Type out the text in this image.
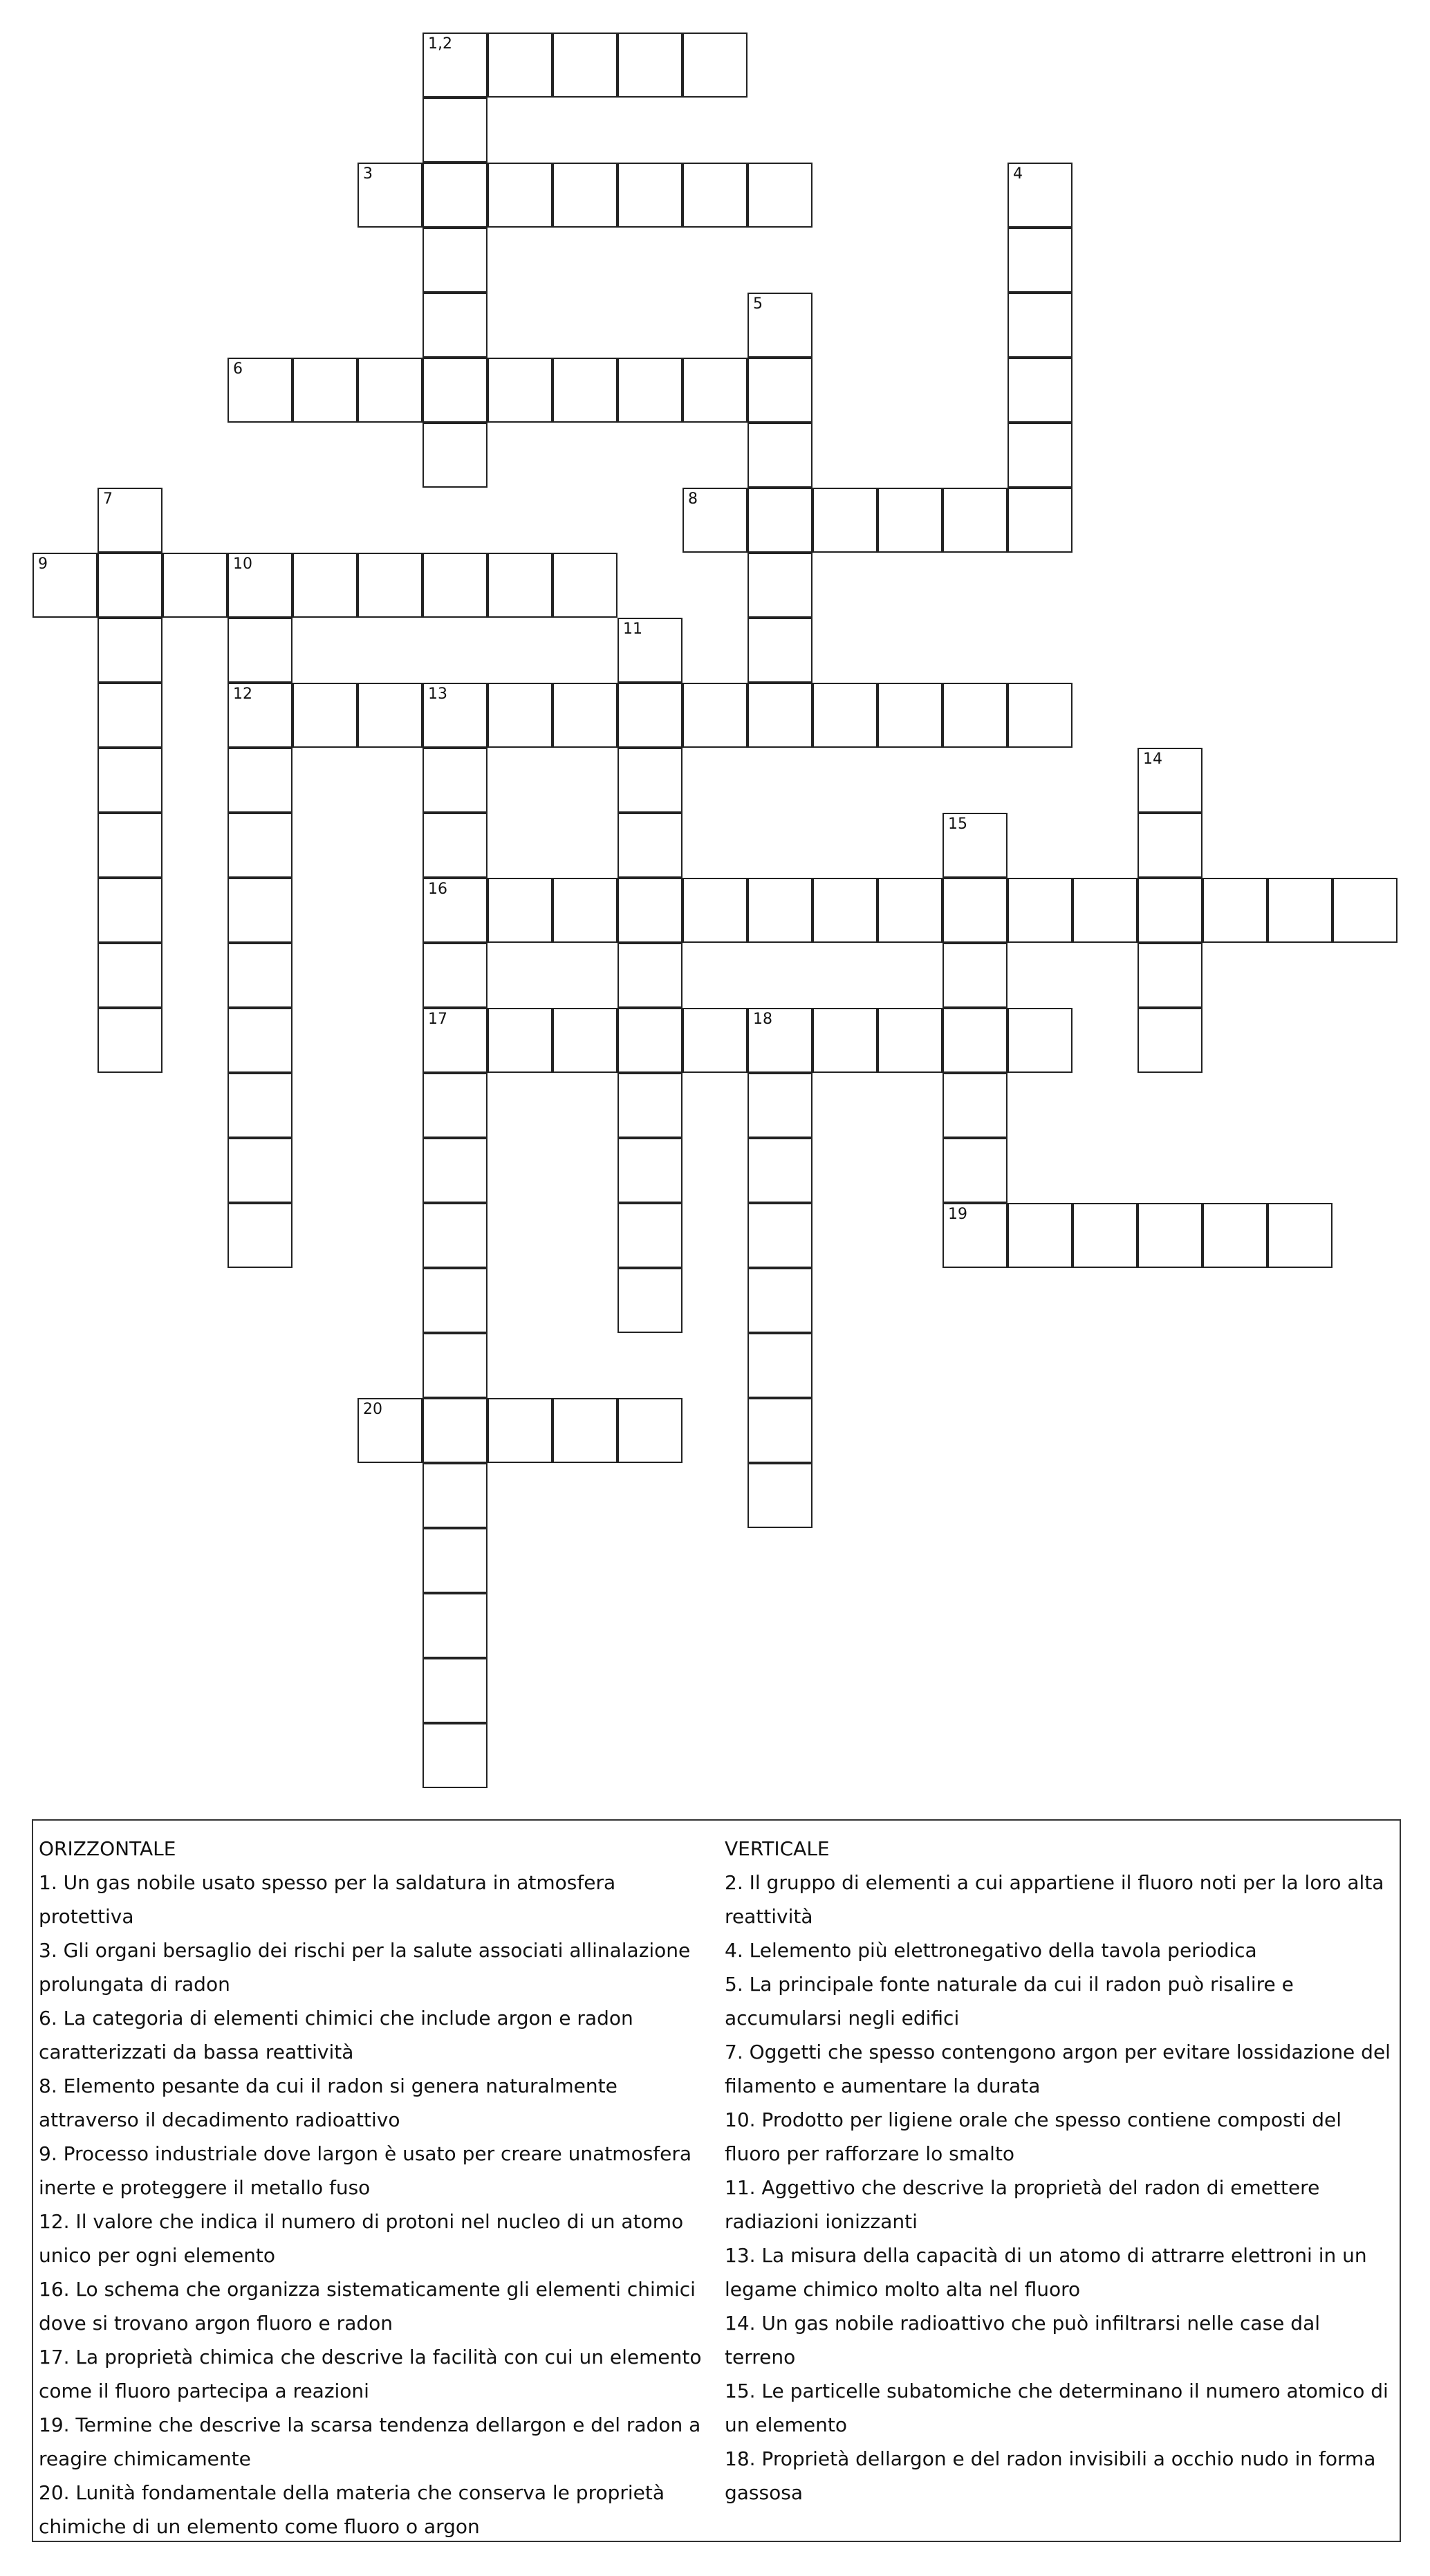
1,2
3	4
5
6
7	8
9	10
12
11
13
16
17
14
15
19
18
20
ORIZZONTALE
1. Un gas nobile usato spesso per la saldatura in atmosfera protettiva
3. Gli organi bersaglio dei rischi per la salute associati allinalazione prolungata di radon
6. La categoria di elementi chimici che include argon e radon caratterizzati da bassa reattività
8. Elemento pesante da cui il radon si genera naturalmente attraverso il decadimento radioattivo
9. Processo industriale dove largon è usato per creare unatmosfera inerte e proteggere il metallo fuso
12. Il valore che indica il numero di protoni nel nucleo di un atomo unico per ogni elemento
16. Lo schema che organizza sistematicamente gli elementi chimici dove si trovano argon fluoro e radon
17. La proprietà chimica che descrive la facilità con cui un elemento come il fluoro partecipa a reazioni
19. Termine che descrive la scarsa tendenza dellargon e del radon a reagire chimicamente
20. Lunità fondamentale della materia che conserva le proprietà chimiche di un elemento come fluoro o argon
VERTICALE
2. Il gruppo di elementi a cui appartiene il fluoro noti per la loro alta reattività
4. Lelemento più elettronegativo della tavola periodica
5. La principale fonte naturale da cui il radon può risalire e accumularsi negli edifici
7. Oggetti che spesso contengono argon per evitare lossidazione del filamento e aumentare la durata
10. Prodotto per ligiene orale che spesso contiene composti del fluoro per rafforzare lo smalto
11. Aggettivo che descrive la proprietà del radon di emettere radiazioni ionizzanti
13. La misura della capacità di un atomo di attrarre elettroni in un legame chimico molto alta nel fluoro
14. Un gas nobile radioattivo che può infiltrarsi nelle case dal terreno
15. Le particelle subatomiche che determinano il numero atomico di un elemento
18. Proprietà dellargon e del radon invisibili a occhio nudo in forma gassosa
